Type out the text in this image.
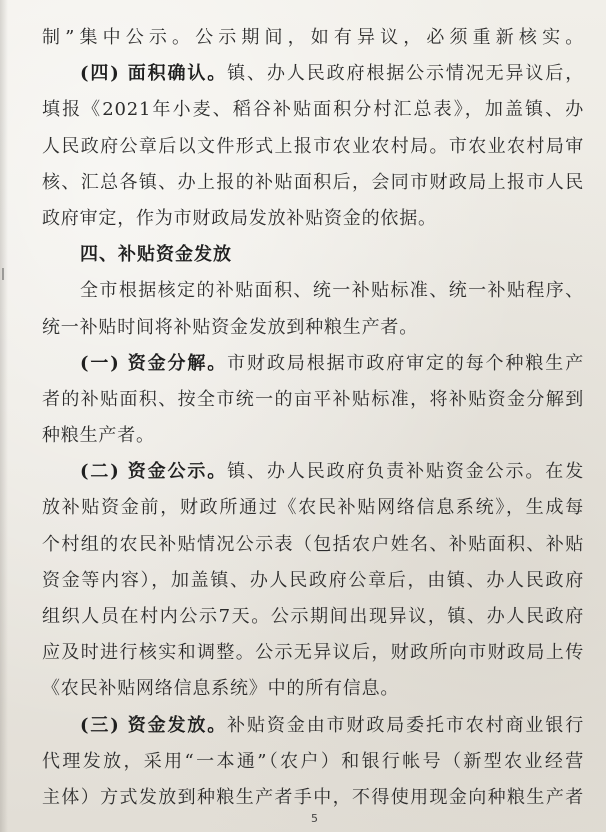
制”集中公示。公示期间，如有异议，必须重新核实。
(四) 面积确认。镇、办人民政府根据公示情况无异议后，
填报《2021年小麦、稻谷补贴面积分村汇总表》，加盖镇、办
人民政府公章后以文件形式上报市农业农村局。市农业农村局审
核、汇总各镇、办上报的补贴面积后，会同市财政局上报市人民
政府审定，作为市财政局发放补贴资金的依据。
四、补贴资金发放
全市根据核定的补贴面积、统一补贴标准、统一补贴程序、
统一补贴时间将补贴资金发放到种粮生产者。
(一) 资金分解。市财政局根据市政府审定的每个种粮生产
者的补贴面积、按全市统一的亩平补贴标准，将补贴资金分解到
种粮生产者。
(二) 资金公示。镇、办人民政府负责补贴资金公示。在发
放补贴资金前，财政所通过《农民补贴网络信息系统》，生成每
个村组的农民补贴情况公示表（包括农户姓名、补贴面积、补贴
资金等内容），加盖镇、办人民政府公章后，由镇、办人民政府
组织人员在村内公示7天。公示期间出现异议，镇、办人民政府
应及时进行核实和调整。公示无异议后，财政所向市财政局上传
《农民补贴网络信息系统》中的所有信息。
(三) 资金发放。补贴资金由市财政局委托市农村商业银行
代理发放，采用“一本通”（农户）和银行帐号（新型农业经营
主体）方式发放到种粮生产者手中，不得使用现金向种粮生产者
5
